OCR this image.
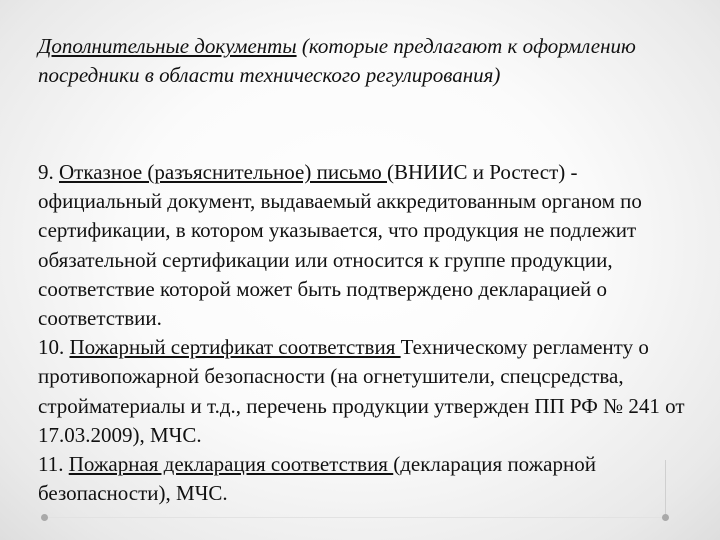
Дополнительные документы (которые предлагают к оформлению посредники в области технического регулирования)

9. Отказное (разъяснительное) письмо (ВНИИС и Ростест) - официальный документ, выдаваемый аккредитованным органом по сертификации, в котором указывается, что продукция не подлежит обязательной сертификации или относится к группе продукции, соответствие которой может быть подтверждено декларацией о соответствии.

10. Пожарный сертификат соответствия Техническому регламенту о противопожарной безопасности (на огнетушители, спецсредства, стройматериалы и т.д., перечень продукции утвержден ПП РФ № 241 от 17.03.2009), МЧС.

11. Пожарная декларация соответствия (декларация пожарной безопасности), МЧС.
